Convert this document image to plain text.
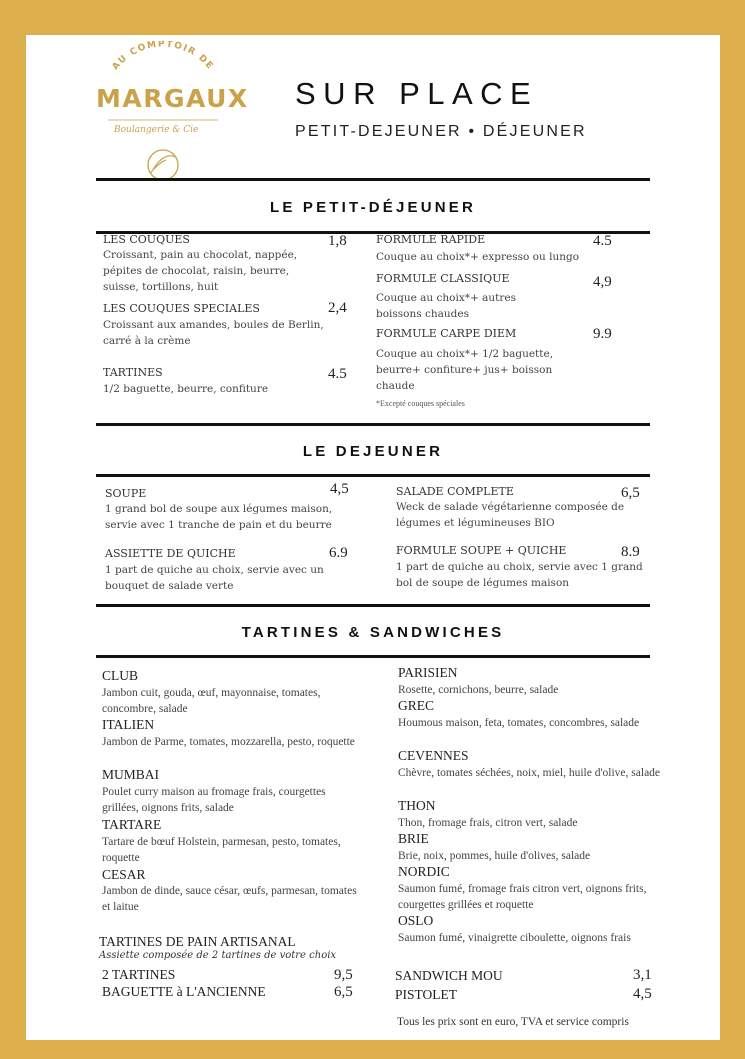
AU COMPTOIR DE
MARGAUX
Boulangerie & Cie
SUR PLACE
PETIT-DEJEUNER • DÉJEUNER
LE PETIT-DÉJEUNER
LES COUQUES	1,8
Croissant, pain au chocolat, nappée, pépites de chocolat, raisin, beurre, suisse, tortillons, huit
LES COUQUES SPECIALES	2,4
Croissant aux amandes, boules de Berlin, carré à la crème
TARTINES	4.5
1/2 baguette, beurre, confiture
FORMULE RAPIDE	4.5
Couque au choix*+ expresso ou lungo
FORMULE CLASSIQUE	4,9
Couque au choix*+ autres boissons chaudes
FORMULE CARPE DIEM	9.9
Couque au choix*+ 1/2 baguette, beurre+ confiture+ jus+ boisson chaude
*Excepté couques spéciales
LE DEJEUNER
SOUPE	4,5
1 grand bol de soupe aux légumes maison, servie avec 1 tranche de pain et du beurre
ASSIETTE DE QUICHE	6.9
1 part de quiche au choix, servie avec un bouquet de salade verte
SALADE COMPLETE	6,5
Weck de salade végétarienne composée de légumes et légumineuses BIO
FORMULE SOUPE + QUICHE	8.9
1 part de quiche au choix, servie avec 1 grand bol de soupe de légumes maison
TARTINES & SANDWICHES
CLUB
Jambon cuit, gouda, œuf, mayonnaise, tomates, concombre, salade
ITALIEN
Jambon de Parme, tomates, mozzarella, pesto, roquette
MUMBAI
Poulet curry maison au fromage frais, courgettes grillées, oignons frits, salade
TARTARE
Tartare de bœuf Holstein, parmesan, pesto, tomates, roquette
CESAR
Jambon de dinde, sauce césar, œufs, parmesan, tomates et laitue
PARISIEN
Rosette, cornichons, beurre, salade
GREC
Houmous maison, feta, tomates, concombres, salade
CEVENNES
Chèvre, tomates séchées, noix, miel, huile d'olive, salade
THON
Thon, fromage frais, citron vert, salade
BRIE
Brie, noix, pommes, huile d'olives, salade
NORDIC
Saumon fumé, fromage frais citron vert, oignons frits, courgettes grillées et roquette
OSLO
Saumon fumé, vinaigrette ciboulette, oignons frais
TARTINES DE PAIN ARTISANAL
Assiette composée de 2 tartines de votre choix
2 TARTINES	9,5
BAGUETTE à L'ANCIENNE	6,5
SANDWICH MOU	3,1
PISTOLET	4,5
Tous les prix sont en euro, TVA et service compris
